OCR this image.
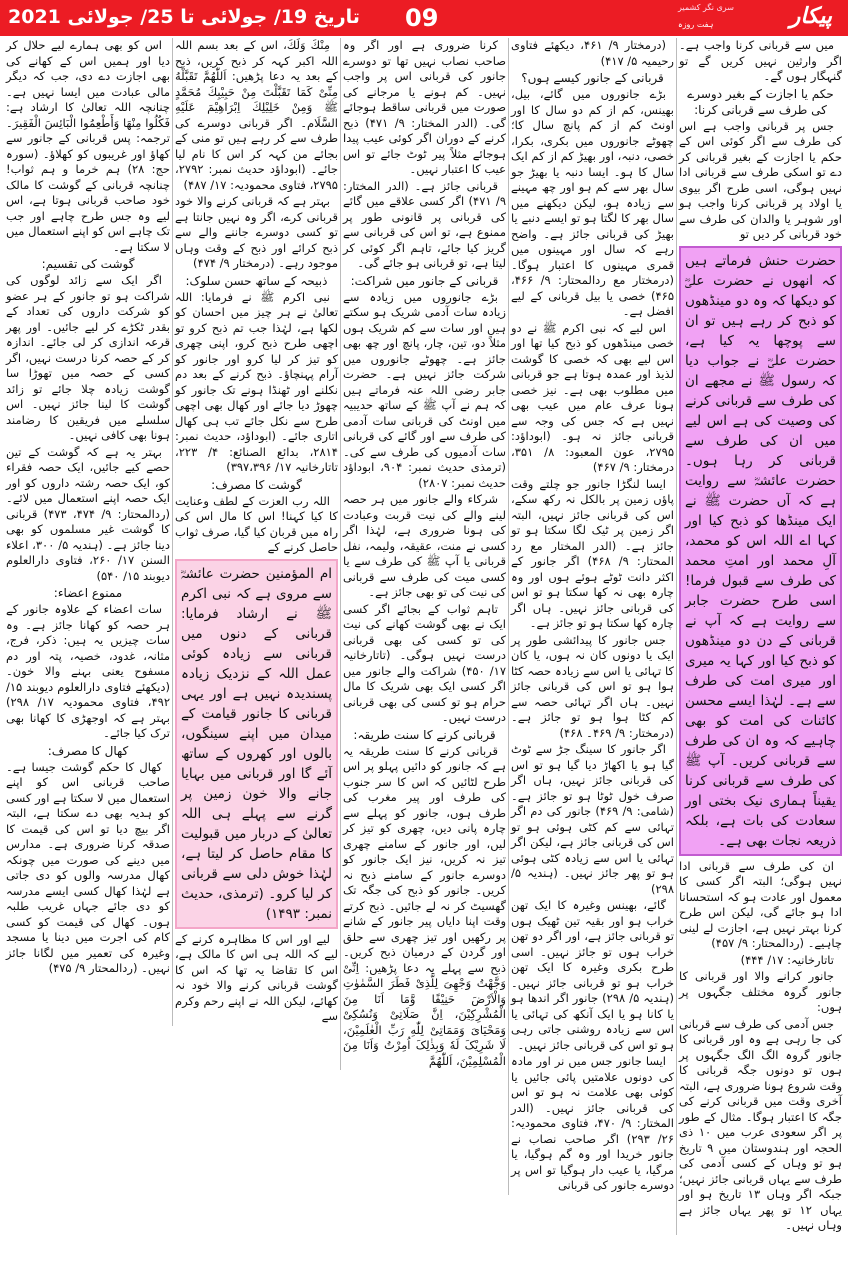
تاریخ 19/ جولائی تا 25/ جولائی 2021 09	پیکار
سری نگر کشمیر
ہفت روزہ

میں سے قربانی کرنا واجب ہے۔ اگر وارثین نہیں کریں گے تو گنہگار ہوں گے۔

حکم یا اجازت کے بغیر دوسرے کی طرف سے قربانی کرنا:

جس پر قربانی واجب ہے اس کی طرف سے اگر کوئی اس کے حکم یا اجازت کے بغیر قربانی کر دے تو اسکی طرف سے قربانی ادا نہیں ہوگی، اسی طرح اگر بیوی یا اولاد پر قربانی کرنا واجب ہو اور شوہر یا والدان کی طرف سے خود قربانی کر دیں تو

حضرت حنش فرماتے ہیں کہ انھوں نے حضرت علیؓ کو دیکھا کہ وہ دو مینڈھوں کو ذبح کر رہے ہیں تو ان سے پوچھا یہ کیا ہے، حضرت علیؓ نے جواب دیا کہ رسول ﷺ نے مجھے ان کی طرف سے قربانی کرنے کی وصیت کی ہے اس لیے میں ان کی طرف سے قربانی کر رہا ہوں۔ حضرت عائشہؓ سے روایت ہے کہ آں حضرت ﷺ نے ایک مینڈھا کو ذبح کیا اور کہا اے اللہ اس کو محمد، آلِ محمد اور امتِ محمد کی طرف سے قبول فرما! اسی طرح حضرت جابر سے روایت ہے کہ آپ نے قربانی کے دن دو مینڈھوں کو ذبح کیا اور کہا یہ میری اور میری امت کی طرف سے ہے۔ لہٰذا ایسے محسن کائنات کی امت کو بھی چاہیے کہ وہ ان کی طرف سے قربانی کریں۔ آپ ﷺ کی طرف سے قربانی کرنا یقیناً ہماری نیک بختی اور سعادت کی بات ہے، بلکہ ذریعہ نجات بھی ہے۔

ان کی طرف سے قربانی ادا نہیں ہوگی؛ البتہ اگر کسی کا معمول اور عادت ہو کہ استحسانا ادا ہو جائے گی، لیکن اس طرح کرنا بہتر نہیں ہے، اجازت لے لینی چاہیے۔ (ردالمحتار: ۹/ ۴۵۷)

تاتارخانیہ: ۱۷/ ۴۴۴)

جانور کرانے والا اور قربانی کا جانور گروہ مختلف جگہوں پر ہوں:

جس آدمی کی طرف سے قربانی کی جا رہی ہے وہ اور قربانی کا جانور گروہ الگ الگ جگہوں پر ہوں تو دونوں جگہ قربانی کا وقت شروع ہونا ضروری ہے، البتہ آخری وقت میں قربانی کرنے کی جگہ کا اعتبار ہوگا۔ مثال کے طور پر اگر سعودی عرب میں ۱۰ ذی الحجہ اور ہندوستان میں ۹ تاریخ ہو تو وہاں کے کسی آدمی کی طرف سے یہاں قربانی جائز نہیں؛ جبکہ اگر وہاں ۱۳ تاریخ ہو اور یہاں ۱۲ تو پھر یہاں جائز ہے وہاں نہیں۔

(درمختار ۹/ ۴۶۱، دیکھئے فتاوی رحیمیہ ۵/ ۴۱۷)

قربانی کے جانور کیسے ہوں؟

بڑے جانوروں میں گائے، بیل، بھینس، کم از کم دو سال کا اور اونٹ کم از کم پانچ سال کا؛ چھوٹے جانوروں میں بکری، بکرا، خصی، دنبہ، اور بھیڑ کم از کم ایک سال کا ہو۔ ایسا دنبہ یا بھیڑ جو سال بھر سے کم ہو اور چھ مہینے سے زیادہ ہو، لیکن دیکھنے میں سال بھر کا لگتا ہو تو ایسے دنبے یا بھیڑ کی قربانی جائز ہے۔ واضح رہے کہ سال اور مہینوں میں قمری مہینوں کا اعتبار ہوگا۔ (درمختار مع ردالمحتار: ۹/ ۴۶۶، ۴۶۵) خصی یا بیل قربانی کے لیے افضل ہے۔

اس لیے کہ نبی اکرم ﷺ نے دو خصی مینڈھوں کو ذبح کیا تھا اور اس لیے بھی کہ خصی کا گوشت لذیذ اور عمدہ ہوتا ہے جو قربانی میں مطلوب بھی ہے۔ نیز خصی ہونا عرف عام میں عیب بھی نہیں ہے کہ جس کی وجہ سے قربانی جائز نہ ہو۔ (ابوداؤد: ۲۷۹۵، عون المعبود: ۸/ ۳۵۱، درمختار: ۹/ ۴۶۷)

ایسا لنگڑا جانور جو چلتے وقت پاؤں زمین پر بالکل نہ رکھ سکے، اس کی قربانی جائز نہیں، البتہ اگر زمین پر ٹیک لگا سکتا ہو تو جائز ہے۔ (الدر المختار مع رد المحتار: ۹/ ۴۶۸) اگر جانور کے اکثر دانت ٹوٹے ہوئے ہوں اور وہ چارہ بھی نہ کھا سکتا ہو تو اس کی قربانی جائز نہیں۔ ہاں اگر چارہ کھا سکتا ہو تو جائز ہے۔

جس جانور کا پیدائشی طور پر ایک یا دونوں کان نہ ہوں، یا کان کا تہائی یا اس سے زیادہ حصہ کٹا ہوا ہو تو اس کی قربانی جائز نہیں۔ ہاں اگر تہائی حصہ سے کم کٹا ہوا ہو تو جائز ہے۔ (درمختار: ۹/ ۴۶۹۔ ۴۶۸)

اگر جانور کا سینگ جڑ سے ٹوٹ گیا ہو یا اکھاڑ دیا گیا ہو تو اس کی قربانی جائز نہیں، ہاں اگر صرف خول ٹوٹا ہو تو جائز ہے۔ (شامی: ۹/ ۴۶۹) جانور کی دم اگر تہائی سے کم کٹی ہوئی ہو تو اس کی قربانی جائز ہے، لیکن اگر تہائی یا اس سے زیادہ کٹی ہوئی ہو تو پھر جائز نہیں۔ (ہندیہ ۵/ ۲۹۸)

گائے، بھینس وغیرہ کا ایک تھن خراب ہو اور بقیہ تین ٹھیک ہوں تو قربانی جائز ہے، اور اگر دو تھن خراب ہوں تو جائز نہیں۔ اسی طرح بکری وغیرہ کا ایک تھن خراب ہو تو قربانی جائز نہیں۔ (ہندیہ ۵/ ۲۹۸) جانور اگر اندھا ہو یا کانا ہو یا ایک آنکھ کی تہائی یا اس سے زیادہ روشنی جاتی رہی ہو تو اس کی قربانی جائز نہیں۔

ایسا جانور جس میں نر اور مادہ کی دونوں علامتیں پائی جائیں یا کوئی بھی علامت نہ ہو تو اس کی قربانی جائز نہیں۔ (الدر المختار: ۹/ ۴۷۰، فتاوی محمودیہ: ۲۶/ ۲۹۳) اگر صاحب نصاب نے جانور خریدا اور وہ گم ہوگیا، یا مرگیا، یا عیب دار ہوگیا تو اس پر دوسرے جانور کی قربانی

کرنا ضروری ہے اور اگر وہ صاحب نصاب نہیں تھا تو دوسرے جانور کی قربانی اس پر واجب نہیں۔ کم ہونے یا مرجانے کی صورت میں قربانی ساقط ہوجائے گی۔ (الدر المختار: ۹/ ۴۷۱) ذبح کرنے کے دوران اگر کوئی عیب پیدا ہوجائے مثلاً پیر ٹوٹ جائے تو اس عیب کا اعتبار نہیں۔

قربانی جائز ہے۔ (الدر المختار: ۹/ ۴۷۱) اگر کسی علاقے میں گائے کی قربانی پر قانونی طور پر ممنوع ہے، تو اس کی قربانی سے گریز کیا جائے، تاہم اگر کوئی کر لیتا ہے، تو قربانی ہو جائے گی۔

قربانی کے جانور میں شراکت:

بڑے جانوروں میں زیادہ سے زیادہ سات آدمی شریک ہو سکتے ہیں اور سات سے کم شریک ہوں مثلاً دو، تین، چار، پانچ اور چھ بھی جائز ہے۔ چھوٹے جانوروں میں شرکت جائز نہیں ہے۔ حضرت جابر رضی اللہ عنہ فرماتے ہیں کہ ہم نے آپ ﷺ کے ساتھ حدیبیہ میں اونٹ کی قربانی سات آدمی کی طرف سے اور گائے کی قربانی سات آدمیوں کی طرف سے کی۔ (ترمذی حدیث نمبر: ۹۰۴، ابوداؤد حدیث نمبر: ۲۸۰۷)

شرکاء والے جانور میں ہر حصہ لینے والے کی نیت قربت وعبادت کی ہونا ضروری ہے، لہٰذا اگر کسی نے منت، عقیقہ، ولیمہ، نفل قربانی یا آپ ﷺ کی طرف سے یا کسی میت کی طرف سے قربانی کی نیت کی تو بھی جائز ہے۔

تاہم ثواب کے بجائے اگر کسی ایک نے بھی گوشت کھانے کی نیت کی تو کسی کی بھی قربانی درست نہیں ہوگی۔ (تاتارخانیہ ۱۷/ ۴۵۰) شراکت والے جانور میں اگر کسی ایک بھی شریک کا مال حرام ہو تو کسی کی بھی قربانی درست نہیں۔

قربانی کرنے کا سنت طریقہ:

قربانی کرنے کا سنت طریقہ یہ ہے کہ جانور کو دائیں پہلو پر اس طرح لٹائیں کہ اس کا سر جنوب کی طرف اور پیر مغرب کی طرف ہوں، جانور کو پہلے سے چارہ پانی دیں، چھری کو تیز کر لیں، اور جانور کے سامنے چھری تیز نہ کریں، نیز ایک جانور کو دوسرے جانور کے سامنے ذبح نہ کریں۔ جانور کو ذبح کی جگہ تک گھسیٹ کر نہ لے جائیں۔ ذبح کرتے وقت اپنا دایاں پیر جانور کے شانے پر رکھیں اور تیز چھری سے حلق اور گردن کے درمیان ذبح کریں۔ ذبح سے پہلے یہ دعا پڑھیں: اِنِّیْ وَجَّهْتُ وَجْهِیَ لِلَّذِیْ فَطَرَ السَّمٰوٰتِ وَالْاَرْضَ حَنِیْفًا وَّمَا اَنَا مِنَ الْمُشْرِکِیْنَ، اِنَّ صَلَاتِیْ وَنُسُکِیْ وَمَحْیَایَ وَمَمَاتِیْ لِلّٰهِ رَبِّ الْعٰلَمِیْنَ، لَا شَرِیْکَ لَهٗ وَبِذٰلِکَ اُمِرْتُ وَاَنَا مِنَ الْمُسْلِمِیْنَ، اَللّٰهُمَّ

مِنْكَ وَلَكَ، اس کے بعد بسم اللہ اللہ اکبر کہہ کر ذبح کریں، ذبح کے بعد یہ دعا پڑھیں: اَللّٰهُمَّ تَقَبَّلْهُ مِنِّیْ كَمَا تَقَبَّلْتَ مِنْ حَبِیْبِكَ مُحَمَّدٍ ﷺ وَمِنْ خَلِیْلِكَ اِبْرَاهِیْمَ عَلَیْهِ السَّلَام۔ اگر قربانی دوسرے کی طرف سے کر رہے ہیں تو منی کے بجائے من کہہ کر اس کا نام لیا جائے۔ (ابوداؤد حدیث نمبر: ۲۷۹۲، ۲۷۹۵، فتاوی محمودیہ: ۱۷/ ۴۸۷)

بہتر ہے کہ قربانی کرنے والا خود قربانی کرے، اگر وہ نہیں جانتا ہے تو کسی دوسرے جاننے والے سے ذبح کرائے اور ذبح کے وقت وہاں موجود رہے۔ (درمختار ۹/ ۴۷۴)

ذبیحہ کے ساتھ حسن سلوک:

نبی اکرم ﷺ نے فرمایا: اللہ تعالیٰ نے ہر چیز میں احسان کو لکھا ہے، لہٰذا جب تم ذبح کرو تو اچھی طرح ذبح کرو، اپنی چھری کو تیز کر لیا کرو اور جانور کو آرام پہنچاؤ۔ ذبح کرنے کے بعد دم نکلنے اور ٹھنڈا ہونے تک جانور کو چھوڑ دیا جائے اور کھال بھی اچھی طرح سے نکل جائے تب ہی کھال اتاری جائے۔ (ابوداؤد، حدیث نمبر: ۲۸۱۴، بدائع الصنائع: ۴/ ۲۲۳، تاتارخانیہ ۱۷/ ۳۹۷،۳۹۶)

گوشت کا مصرف:

اللہ رب العزت کے لطف وعنایت کا کیا کہنا! اس کا مال اس کی راہ میں قربان کیا گیا، صرف ثواب حاصل کرنے کے

ام المؤمنین حضرت عائشہؓ سے مروی ہے کہ نبی اکرم ﷺ نے ارشاد فرمایا: قربانی کے دنوں میں قربانی سے زیادہ کوئی عمل اللہ کے نزدیک زیادہ پسندیدہ نہیں ہے اور یہی قربانی کا جانور قیامت کے میدان میں اپنے سینگوں، بالوں اور کھروں کے ساتھ آئے گا اور قربانی میں بہایا جانے والا خون زمین پر گرنے سے پہلے ہی اللہ تعالیٰ کے دربار میں قبولیت کا مقام حاصل کر لیتا ہے، لہٰذا خوش دلی سے قربانی کر لیا کرو۔ (ترمذی، حدیث نمبر: ۱۴۹۳)

لیے اور اس کا مظاہرہ کرنے کے لیے کہ اللہ ہی اس کا مالک ہے، اس کا تقاضا یہ تھا کہ اس کا گوشت قربانی کرنے والا خود نہ کھائے، لیکن اللہ نے اپنے رحم وکرم سے

اس کو بھی ہمارے لیے حلال کر دیا اور ہمیں اس کے کھانے کی بھی اجازت دے دی، جب کہ دیگر مالی عبادت میں ایسا نہیں ہے۔ چنانچہ اللہ تعالیٰ کا ارشاد ہے: فَكُلُوا مِنْهَا وَأَطْعِمُوا الْبَائِسَ الْفَقِيرَ۔ ترجمہ: پس قربانی کے جانور سے کھاؤ اور غریبوں کو کھلاؤ۔ (سورہ حج: ۲۸) ہم خرما و ہم ثواب! چنانچہ قربانی کے گوشت کا مالک خود صاحب قربانی ہوتا ہے، اس لیے وہ جس طرح چاہے اور جب تک چاہے اس کو اپنے استعمال میں لا سکتا ہے۔

گوشت کی تقسیم:

اگر ایک سے زائد لوگوں کی شراکت ہو تو جانور کے ہر عضو کو شرکت داروں کی تعداد کے بقدر ٹکڑے کر لیے جائیں۔ اور پھر قرعہ اندازی کر لی جائے۔ اندازہ کر کے حصہ کرنا درست نہیں، اگر کسی کے حصہ میں تھوڑا سا گوشت زیادہ چلا جائے تو زائد گوشت کا لینا جائز نہیں۔ اس سلسلے میں فریقین کا رضامند ہونا بھی کافی نہیں۔

بہتر یہ ہے کہ گوشت کے تین حصے کیے جائیں، ایک حصہ فقراء کو، ایک حصہ رشتہ داروں کو اور ایک حصہ اپنے استعمال میں لائے۔ (ردالمحتار: ۹/ ۴۷۴، ۴۷۳) قربانی کا گوشت غیر مسلموں کو بھی دینا جائز ہے۔ (ہندیہ ۵/ ۳۰۰، اعلاء السنن ۱۷/ ۲۶۰، فتاوی دارالعلوم دیوبند ۱۵/ ۵۴۰)

ممنوع اعضاء:

سات اعضاء کے علاوہ جانور کے ہر حصہ کو کھانا جائز ہے۔ وہ سات چیزیں یہ ہیں: ذکر، فرج، مثانہ، غدود، خصیہ، پتہ اور دم مسفوح یعنی بہنے والا خون۔ (دیکھئے فتاوی دارالعلوم دیوبند ۱۵/ ۴۹۲، فتاوی محمودیہ ۱۷/ ۲۹۸) بہتر ہے کہ اوجھڑی کا کھانا بھی ترک کیا جائے۔

کھال کا مصرف:

کھال کا حکم گوشت جیسا ہے۔ صاحب قربانی اس کو اپنے استعمال میں لا سکتا ہے اور کسی کو ہدیہ بھی دے سکتا ہے، البتہ اگر بیچ دیا تو اس کی قیمت کا صدقہ کرنا ضروری ہے۔ مدارس میں دینے کی صورت میں چونکہ کھال مدرسہ والوں کو دی جاتی ہے لہٰذا کھال کسی ایسے مدرسہ کو دی جائے جہاں غریب طلبہ ہوں۔ کھال کی قیمت کو کسی کام کی اجرت میں دینا یا مسجد وغیرہ کی تعمیر میں لگانا جائز نہیں۔ (ردالمحتار ۹/ ۴۷۵)
